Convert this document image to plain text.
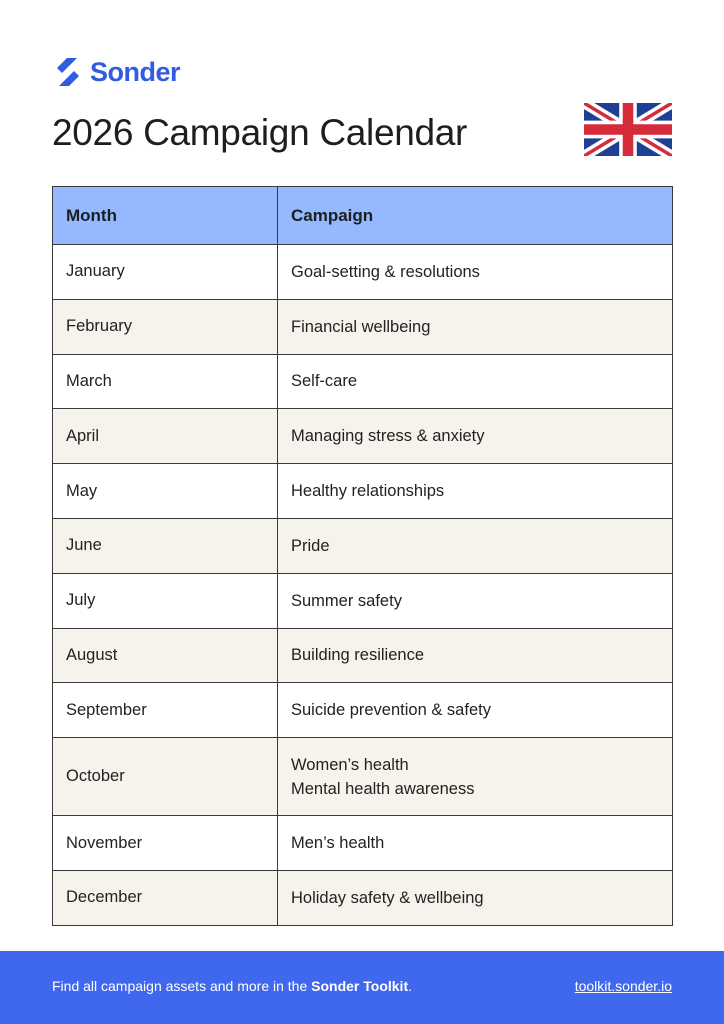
Sonder
2026 Campaign Calendar
Month	Campaign
January	Goal-setting & resolutions

February	Financial wellbeing

March	Self-care

April	Managing stress & anxiety

May	Healthy relationships

June	Pride

July	Summer safety

August	Building resilience

September	Suicide prevention & safety

October	Women’s health
Mental health awareness

November	Men’s health

December	Holiday safety & wellbeing
Find all campaign assets and more in the Sonder Toolkit.	toolkit.sonder.io
